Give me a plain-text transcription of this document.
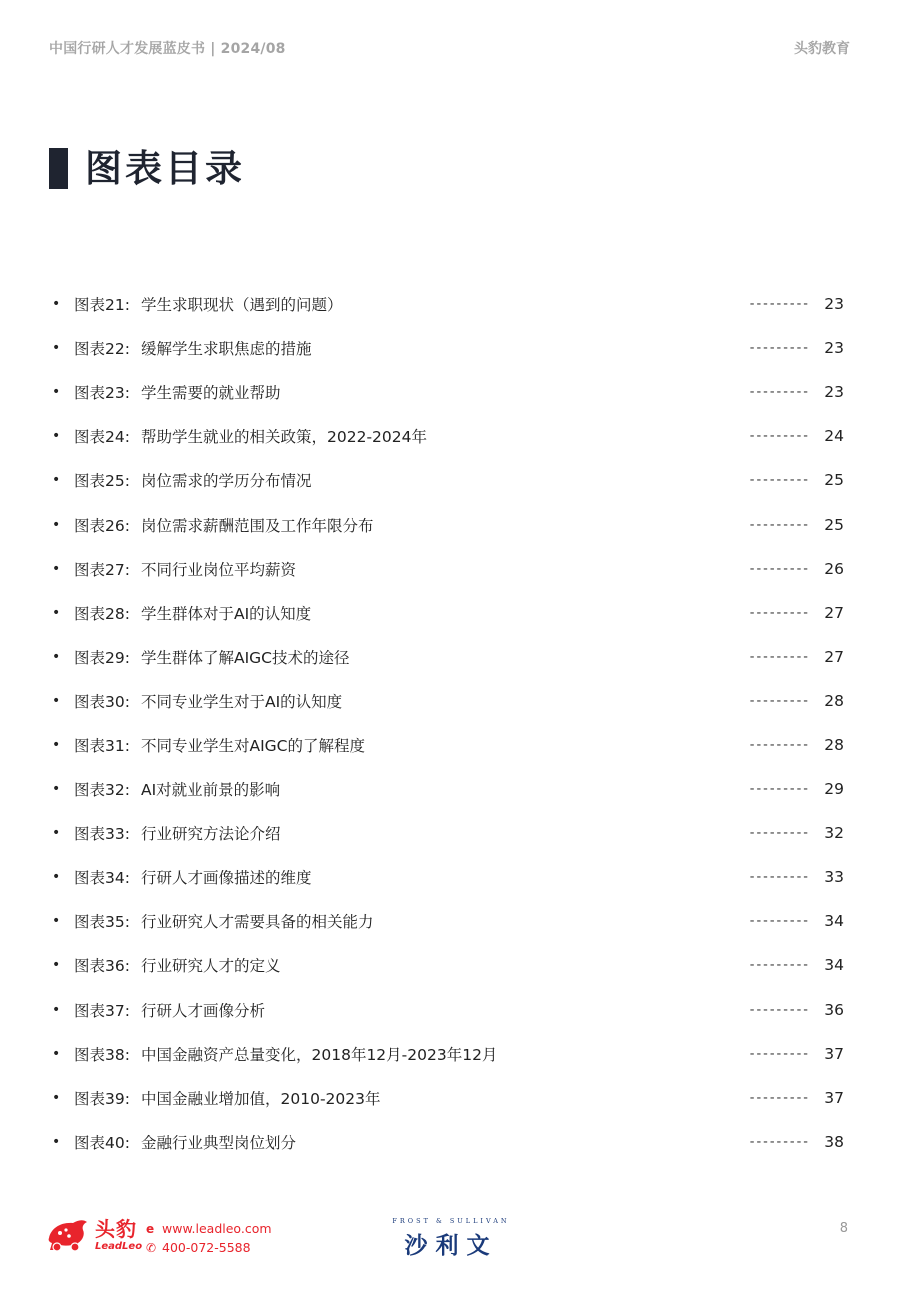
中国行研人才发展蓝皮书 | 2024/08	头豹教育
图表目录
• 图表21: 学生求职现状（遇到的问题）	--------- 23
• 图表22: 缓解学生求职焦虑的措施	--------- 23
• 图表23: 学生需要的就业帮助	--------- 23
• 图表24: 帮助学生就业的相关政策，2022-2024年	--------- 24
• 图表25: 岗位需求的学历分布情况	--------- 25
• 图表26: 岗位需求薪酬范围及工作年限分布	--------- 25
• 图表27: 不同行业岗位平均薪资	--------- 26
• 图表28: 学生群体对于AI的认知度	--------- 27
• 图表29: 学生群体了解AIGC技术的途径	--------- 27
• 图表30: 不同专业学生对于AI的认知度	--------- 28
• 图表31: 不同专业学生对AIGC的了解程度	--------- 28
• 图表32: AI对就业前景的影响	--------- 29
• 图表33: 行业研究方法论介绍	--------- 32
• 图表34: 行研人才画像描述的维度	--------- 33
• 图表35: 行业研究人才需要具备的相关能力	--------- 34
• 图表36: 行业研究人才的定义	--------- 34
• 图表37: 行研人才画像分析	--------- 36
• 图表38: 中国金融资产总量变化，2018年12月-2023年12月	--------- 37
• 图表39: 中国金融业增加值，2010-2023年	--------- 37
• 图表40: 金融行业典型岗位划分	--------- 38
头豹
LeadLeo
e www.leadleo.com
✆ 400-072-5588
FROST & SULLIVAN
沙利文
8
